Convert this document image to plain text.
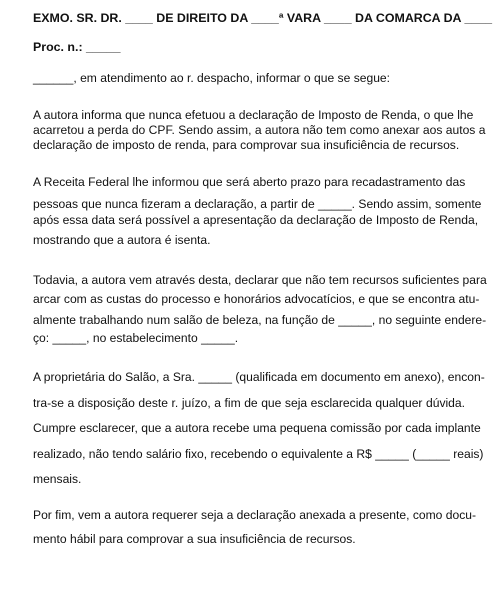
EXMO. SR. DR. ____ DE DIREITO DA ____ª VARA ____ DA COMARCA DA ____
Proc. n.: _____
______, em atendimento ao r. despacho, informar o que se segue:
A autora informa que nunca efetuou a declaração de Imposto de Renda, o que lhe
acarretou a perda do CPF. Sendo assim, a autora não tem como anexar aos autos a
declaração de imposto de renda, para comprovar sua insuficiência de recursos.
A Receita Federal lhe informou que será aberto prazo para recadastramento das
pessoas que nunca fizeram a declaração, a partir de _____. Sendo assim, somente
após essa data será possível a apresentação da declaração de Imposto de Renda,
mostrando que a autora é isenta.
Todavia, a autora vem através desta, declarar que não tem recursos suficientes para
arcar com as custas do processo e honorários advocatícios, e que se encontra atu-
almente trabalhando num salão de beleza, na função de _____, no seguinte endere-
ço: _____, no estabelecimento _____.
A proprietária do Salão, a Sra. _____ (qualificada em documento em anexo), encon-
tra-se a disposição deste r. juízo, a fim de que seja esclarecida qualquer dúvida.
Cumpre esclarecer, que a autora recebe uma pequena comissão por cada implante
realizado, não tendo salário fixo, recebendo o equivalente a R$ _____ (_____ reais)
mensais.
Por fim, vem a autora requerer seja a declaração anexada a presente, como docu-
mento hábil para comprovar a sua insuficiência de recursos.
